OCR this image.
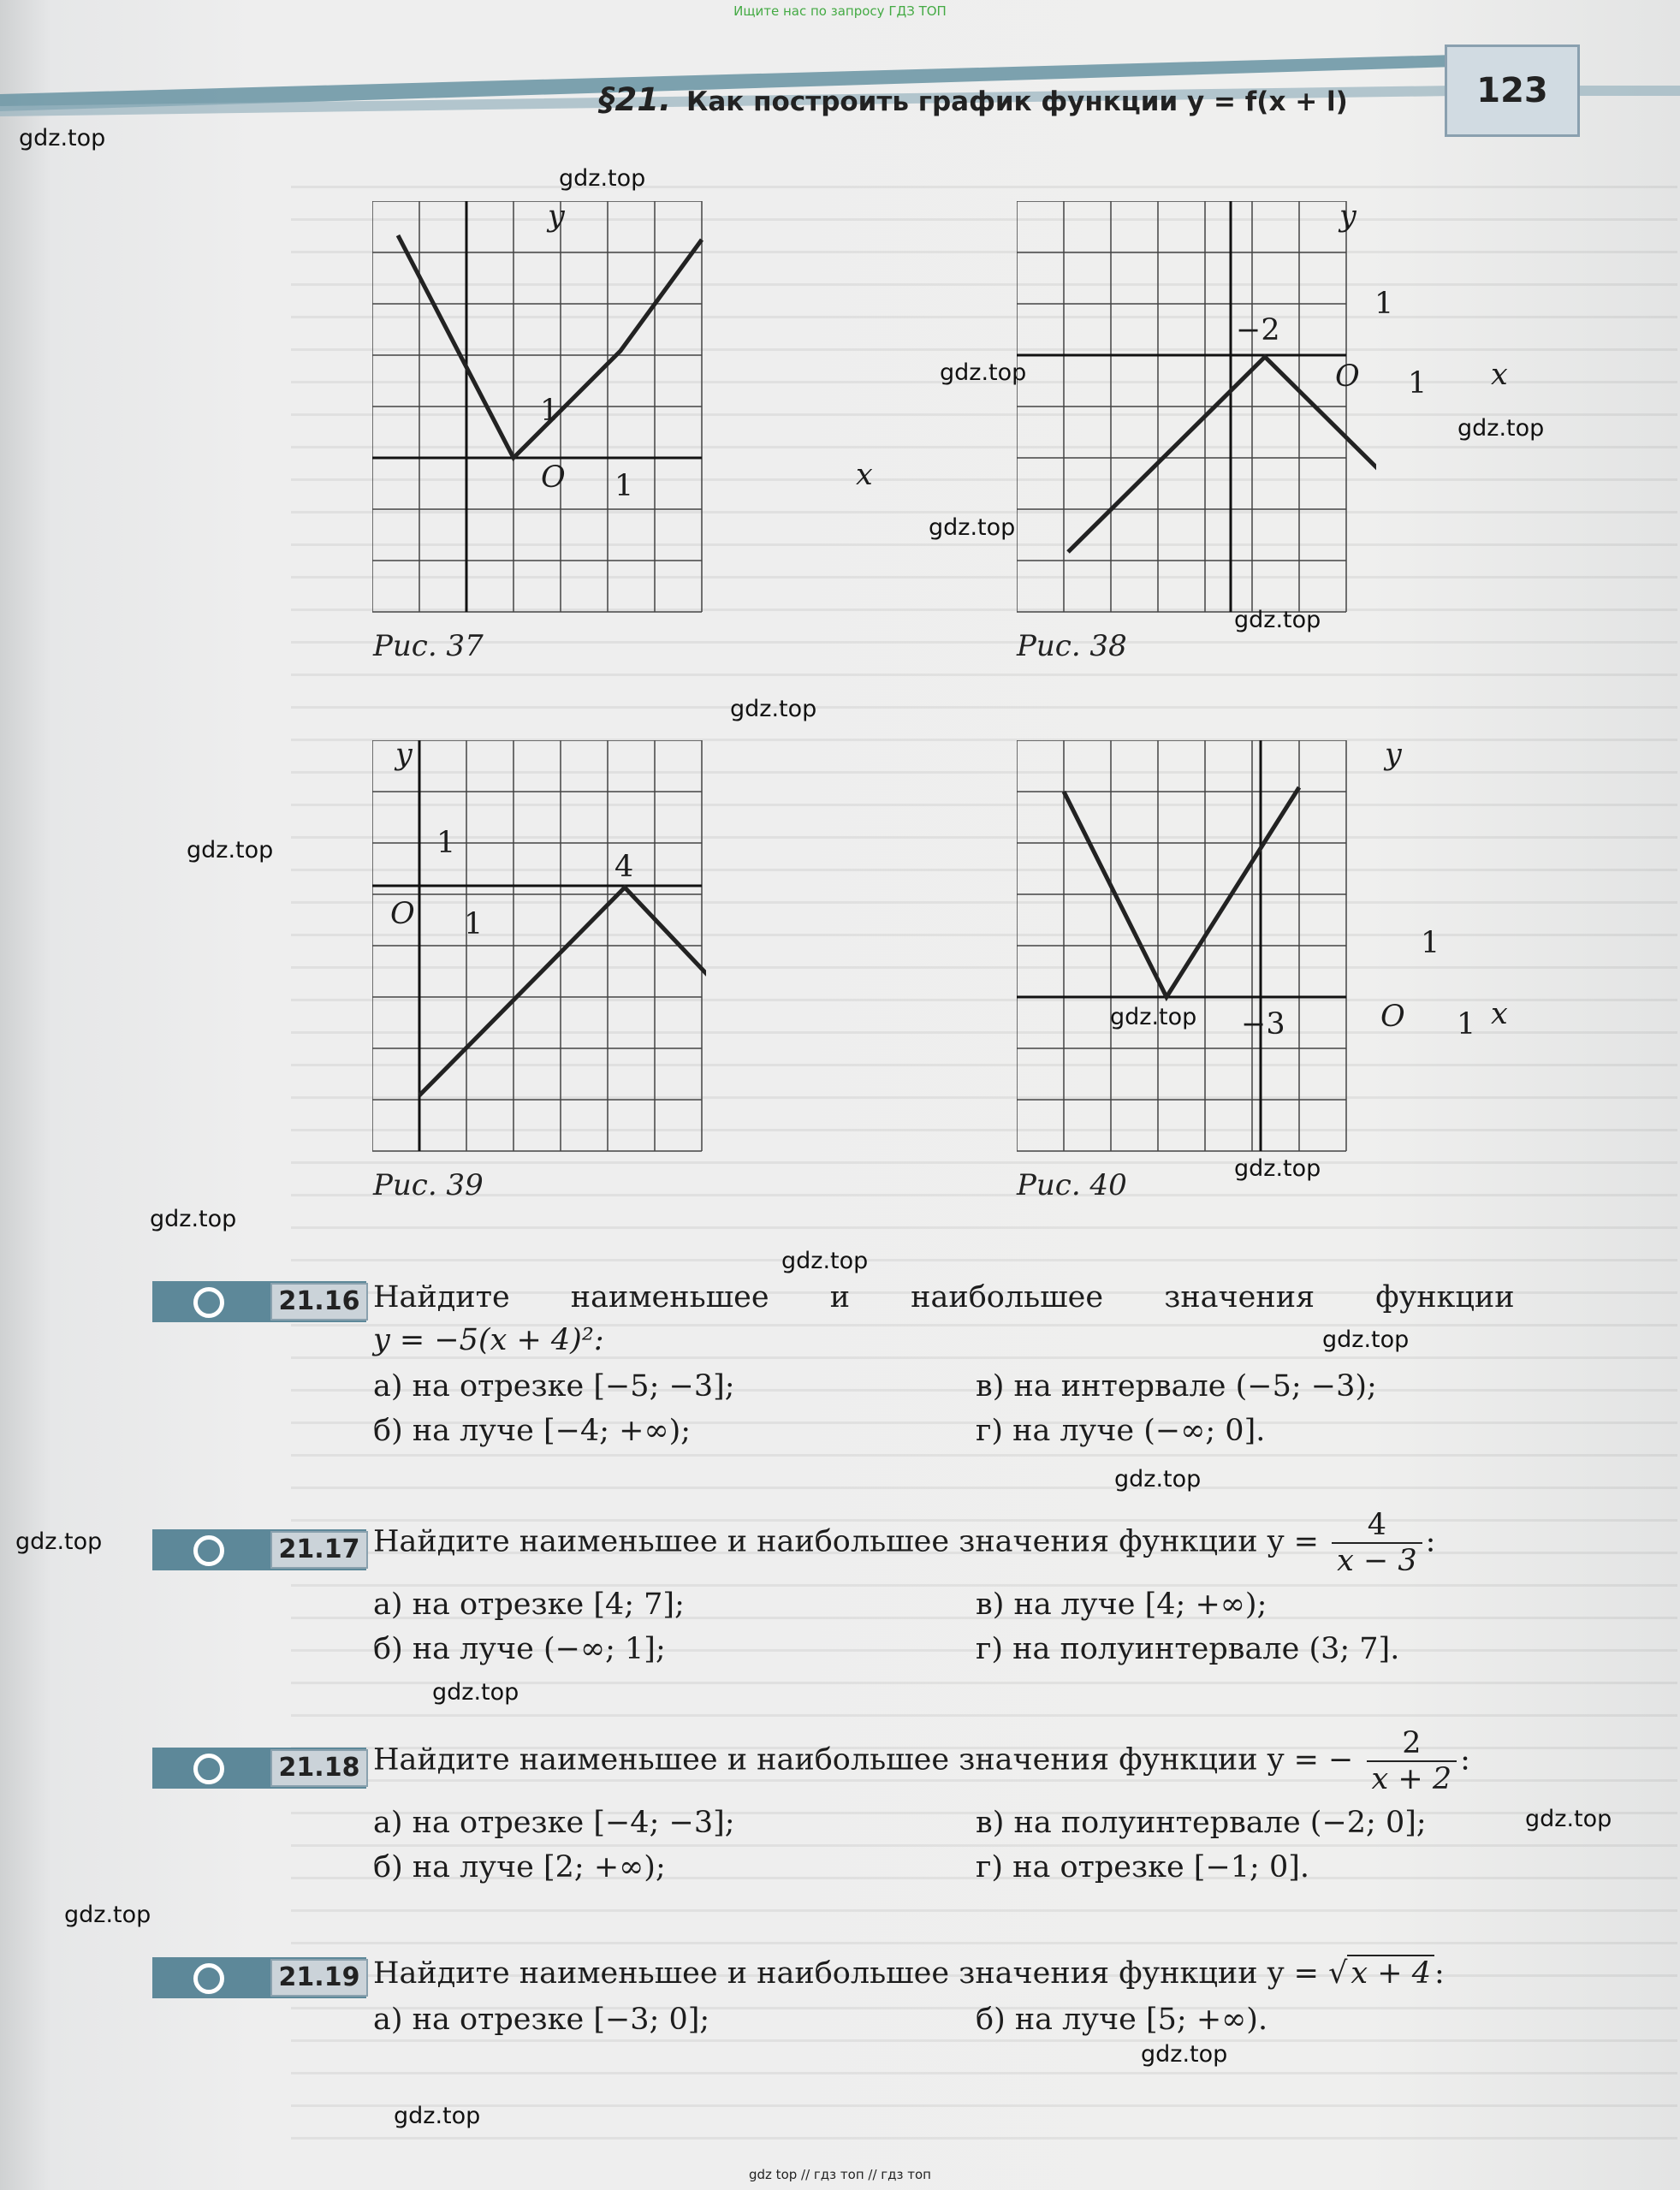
Ищите нас по запросу ГДЗ ТОП
§21. Как построить график функции y = f(x + l)	123
y
x
O
1
1
Рис. 37
y
x
O
−2
1
1
Рис. 38
y
O
1
1
4
Рис. 39
y
x
O
1
1
−3
Рис. 40
21.16 Найдите наименьшее и наибольшее значения функции
y = −5(x + 4)²:
а) на отрезке [−5; −3];
б) на луче [−4; +∞);
в) на интервале (−5; −3);
г) на луче (−∞; 0].
21.17 Найдите наименьшее и наибольшее значения функции $y = \frac{4}{x - 3}$ :
а) на отрезке [4; 7];
б) на луче (−∞; 1];
в) на луче [4; +∞);
г) на полуинтервале (3; 7].
21.18 Найдите наименьшее и наибольшее значения функции y = − $\frac{2}{x + 2}$ :
а) на отрезке [−4; −3];
б) на луче [2; +∞);
в) на полуинтервале (−2; 0];
г) на отрезке [−1; 0].
21.19 Найдите наименьшее и наибольшее значения функции y = √ x + 4 :
а) на отрезке [−3; 0];	б) на луче [5; +∞).
gdz.top
gdz.top
gdz.top
gdz.top
gdz.top
gdz.top
gdz.top
gdz.top
gdz.top
gdz.top
gdz.top
gdz.top
gdz.top
gdz.top
gdz.top
gdz.top
gdz.top
gdz.top
gdz.top
gdz.top
gdz top // гдз топ // гдз топ
